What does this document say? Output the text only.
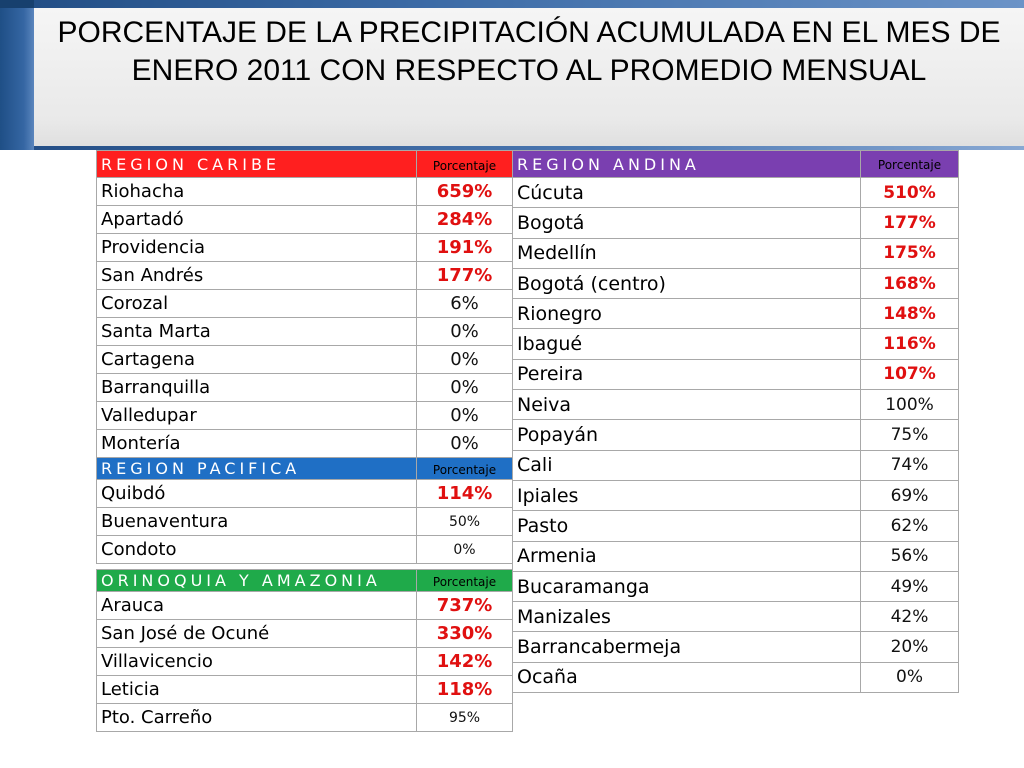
PORCENTAJE DE LA PRECIPITACIÓN ACUMULADA EN EL MES DE ENERO 2011 CON RESPECTO AL PROMEDIO MENSUAL
REGION CARIBE	Porcentaje
Riohacha	659%
Apartadó	284%
Providencia	191%
San Andrés	177%
Corozal	6%
Santa Marta	0%
Cartagena	0%
Barranquilla	0%
Valledupar	0%
Montería	0%
REGION PACIFICA	Porcentaje
Quibdó	114%
Buenaventura	50%
Condoto	0%
ORINOQUIA Y AMAZONIA	Porcentaje
Arauca	737%
San José de Ocuné	330%
Villavicencio	142%
Leticia	118%
Pto. Carreño	95%
REGION ANDINA	Porcentaje
Cúcuta	510%
Bogotá	177%
Medellín	175%
Bogotá (centro)	168%
Rionegro	148%
Ibagué	116%
Pereira	107%
Neiva	100%
Popayán	75%
Cali	74%
Ipiales	69%
Pasto	62%
Armenia	56%
Bucaramanga	49%
Manizales	42%
Barrancabermeja	20%
Ocaña	0%
